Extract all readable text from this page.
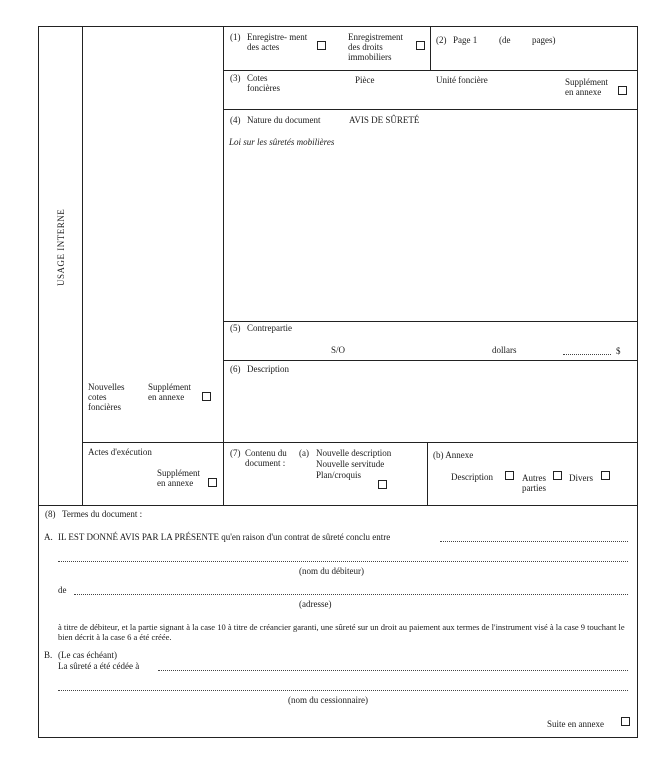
USAGE INTERNE
Nouvelles cotes foncières
Supplément en annexe
Actes d'exécution
Supplément en annexe
(1) Enregistre- ment des actes
Enregistrement des droits immobiliers
(2) Page 1 (de pages)
(3) Cotes foncières
Pièce	Unité foncière	Supplément en annexe
(4) Nature du document	AVIS DE SÛRETÉ
Loi sur les sûretés mobilières
(5) Contrepartie
S/O	dollars	$
(6) Description
(7) Contenu du document :
(a) Nouvelle description
Nouvelle servitude
Plan/croquis
(b) Annexe
Description	Autres parties
Divers
(8) Termes du document :
A. IL EST DONNÉ AVIS PAR LA PRÉSENTE qu'en raison d'un contrat de sûreté conclu entre
(nom du débiteur)
de
(adresse)
à titre de débiteur, et la partie signant à la case 10 à titre de créancier garanti, une sûreté sur un droit au paiement aux termes de l'instrument visé à la case 9 touchant le bien décrit à la case 6 a été créée.
B. (Le cas échéant)
La sûreté a été cédée à
(nom du cessionnaire)
Suite en annexe
